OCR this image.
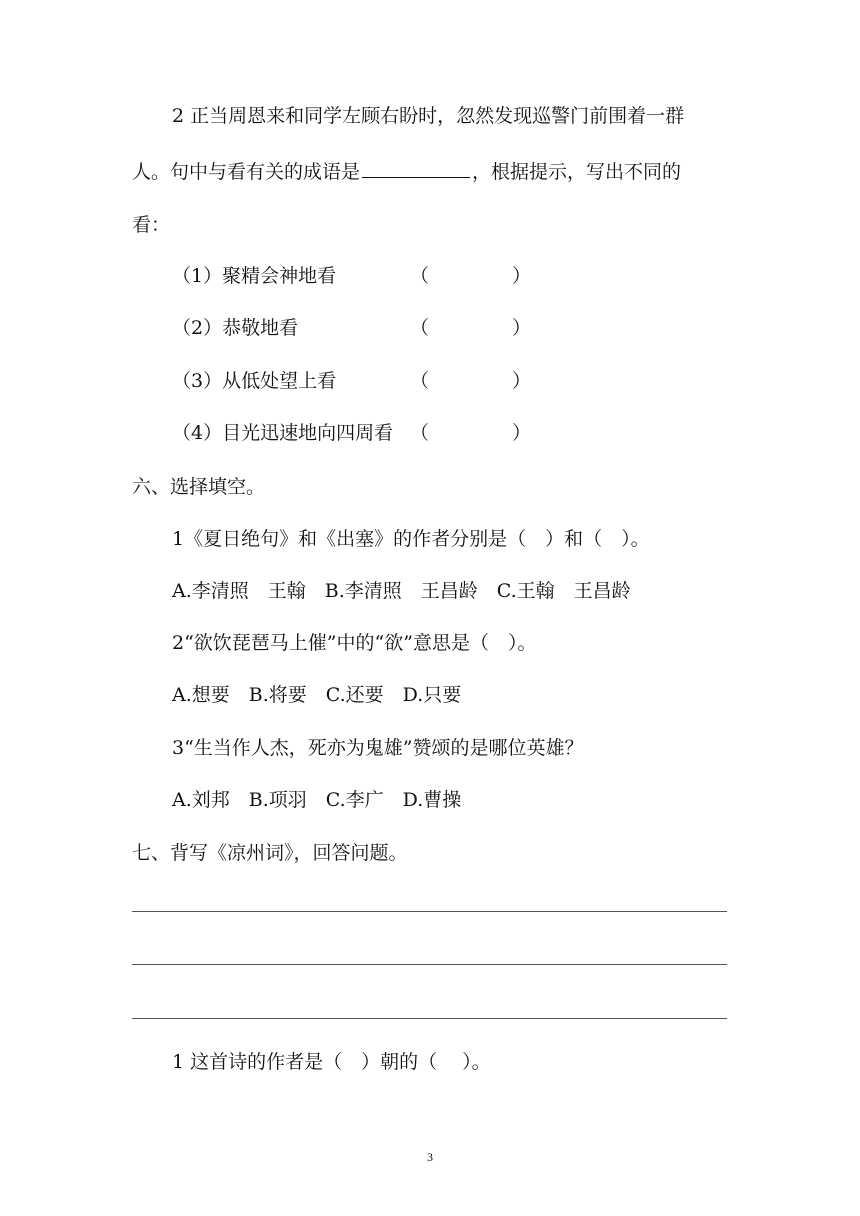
2 正当周恩来和同学左顾右盼时，忽然发现巡警门前围着一群
人。句中与看有关的成语是	，根据提示，写出不同的
看：
（1）聚精会神地看	（	）
（2）恭敬地看	（	）
（3）从低处望上看	（	）
（4）目光迅速地向四周看 （	）
六、选择填空。
1《夏日绝句》和《出塞》的作者分别是（　）和（　）。
A.李清照　王翰　B.李清照　王昌龄　C.王翰　王昌龄
2“欲饮琵琶马上催”中的“欲”意思是（　）。
A.想要　B.将要　C.还要　D.只要
3“生当作人杰，死亦为鬼雄”赞颂的是哪位英雄？
A.刘邦　B.项羽　C.李广　D.曹操
七、背写《凉州词》，回答问题。
1 这首诗的作者是（　）朝的（　 ）。
3
